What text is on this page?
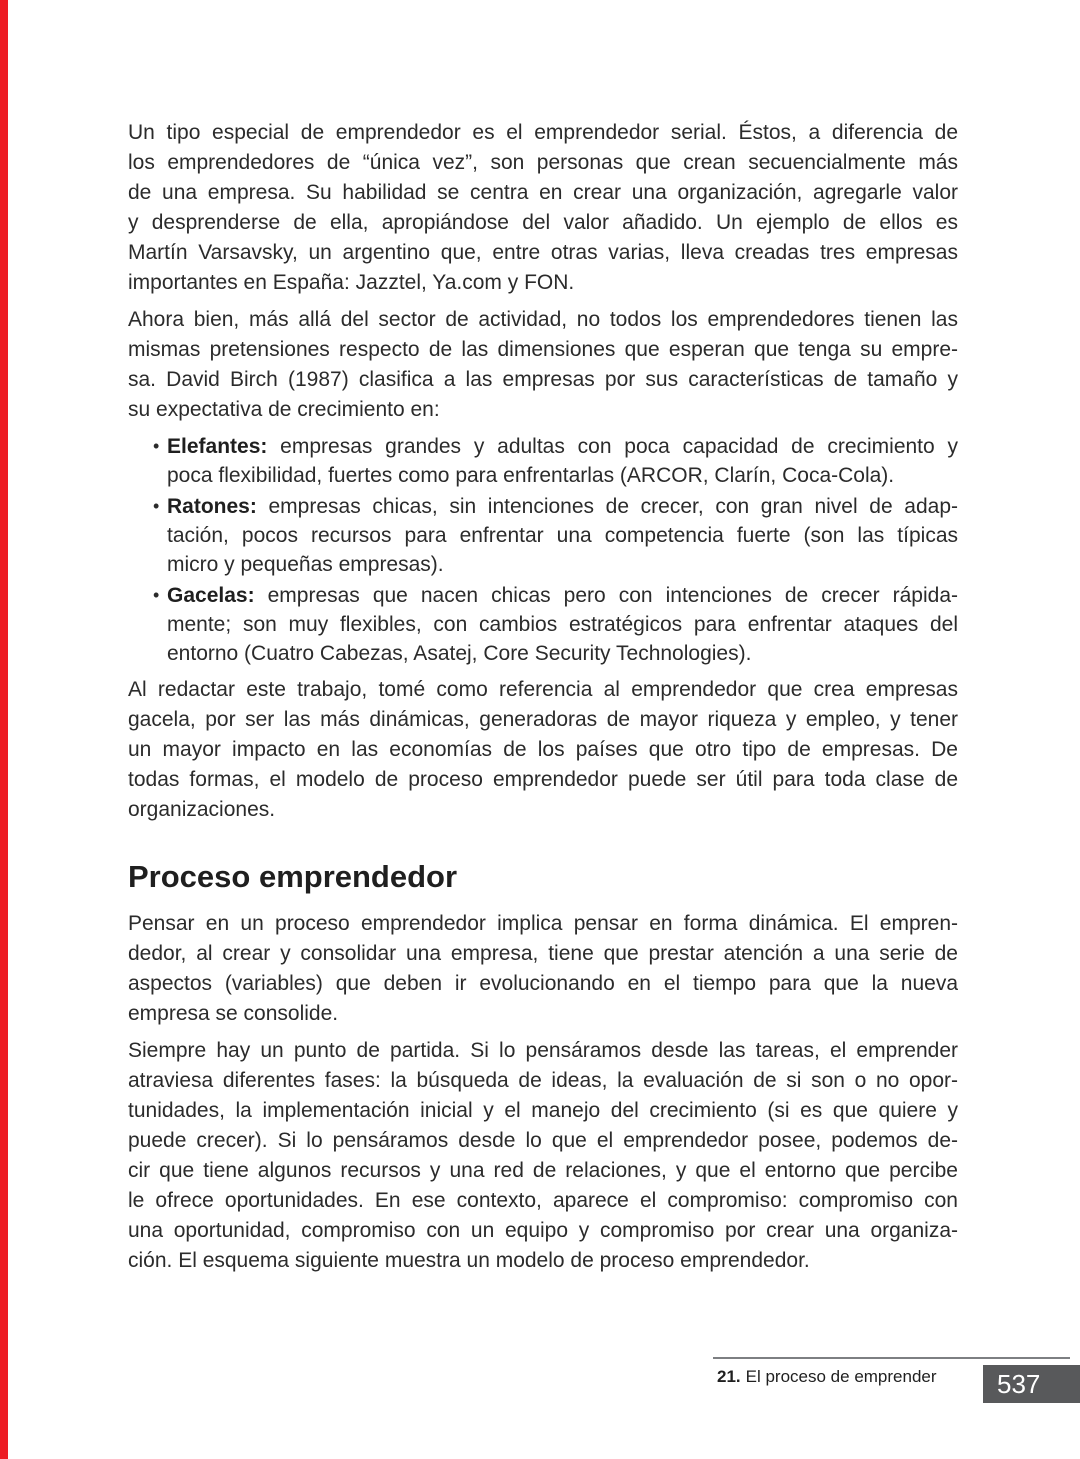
Un tipo especial de emprendedor es el emprendedor serial. Éstos, a diferencia de
los emprendedores de “única vez”, son personas que crean secuencialmente más
de una empresa. Su habilidad se centra en crear una organización, agregarle valor
y desprenderse de ella, apropiándose del valor añadido. Un ejemplo de ellos es
Martín Varsavsky, un argentino que, entre otras varias, lleva creadas tres empresas
importantes en España: Jazztel, Ya.com y FON.
Ahora bien, más allá del sector de actividad, no todos los emprendedores tienen las
mismas pretensiones respecto de las dimensiones que esperan que tenga su empre-
sa. David Birch (1987) clasifica a las empresas por sus características de tamaño y
su expectativa de crecimiento en:
• Elefantes: empresas grandes y adultas con poca capacidad de crecimiento y
poca flexibilidad, fuertes como para enfrentarlas (ARCOR, Clarín, Coca-Cola).
• Ratones: empresas chicas, sin intenciones de crecer, con gran nivel de adap-
tación, pocos recursos para enfrentar una competencia fuerte (son las típicas
micro y pequeñas empresas).
• Gacelas: empresas que nacen chicas pero con intenciones de crecer rápida-
mente; son muy flexibles, con cambios estratégicos para enfrentar ataques del
entorno (Cuatro Cabezas, Asatej, Core Security Technologies).
Al redactar este trabajo, tomé como referencia al emprendedor que crea empresas
gacela, por ser las más dinámicas, generadoras de mayor riqueza y empleo, y tener
un mayor impacto en las economías de los países que otro tipo de empresas. De
todas formas, el modelo de proceso emprendedor puede ser útil para toda clase de
organizaciones.
Proceso emprendedor
Pensar en un proceso emprendedor implica pensar en forma dinámica. El empren-
dedor, al crear y consolidar una empresa, tiene que prestar atención a una serie de
aspectos (variables) que deben ir evolucionando en el tiempo para que la nueva
empresa se consolide.
Siempre hay un punto de partida. Si lo pensáramos desde las tareas, el emprender
atraviesa diferentes fases: la búsqueda de ideas, la evaluación de si son o no opor-
tunidades, la implementación inicial y el manejo del crecimiento (si es que quiere y
puede crecer). Si lo pensáramos desde lo que el emprendedor posee, podemos de-
cir que tiene algunos recursos y una red de relaciones, y que el entorno que percibe
le ofrece oportunidades. En ese contexto, aparece el compromiso: compromiso con
una oportunidad, compromiso con un equipo y compromiso por crear una organiza-
ción. El esquema siguiente muestra un modelo de proceso emprendedor.
21. El proceso de emprender	537
